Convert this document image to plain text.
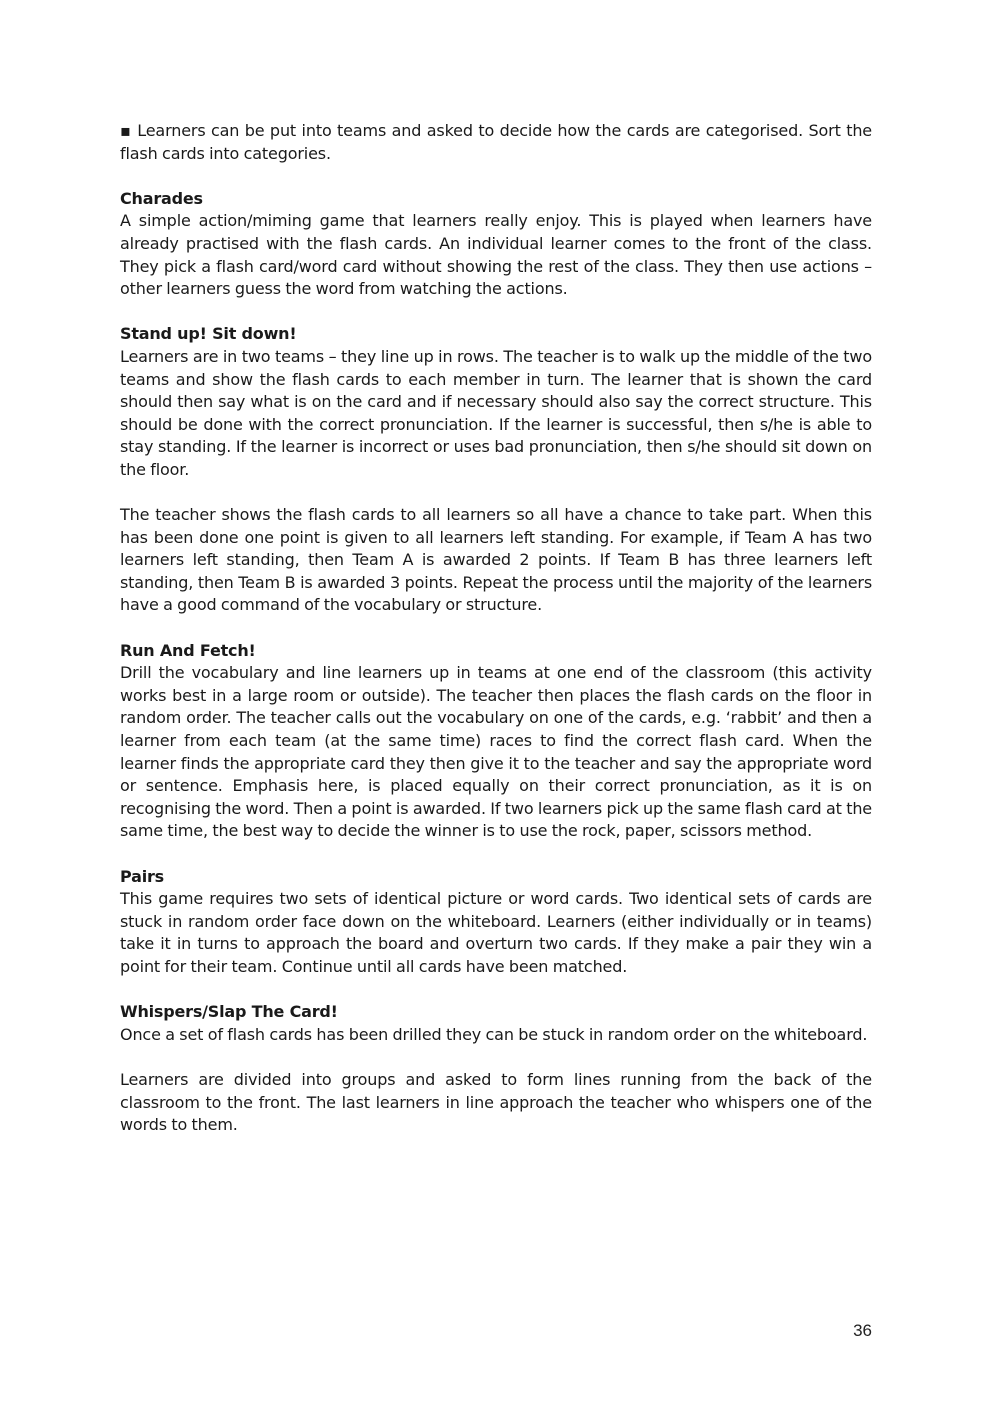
▪ Learners can be put into teams and asked to decide how the cards are categorised. Sort the flash cards into categories.

Charades

A simple action/miming game that learners really enjoy. This is played when learners have already practised with the flash cards. An individual learner comes to the front of the class. They pick a flash card/word card without showing the rest of the class. They then use actions – other learners guess the word from watching the actions.

Stand up! Sit down!

Learners are in two teams – they line up in rows. The teacher is to walk up the middle of the two teams and show the flash cards to each member in turn. The learner that is shown the card should then say what is on the card and if necessary should also say the correct structure. This should be done with the correct pronunciation. If the learner is successful, then s/he is able to stay standing. If the learner is incorrect or uses bad pronunciation, then s/he should sit down on the floor.

The teacher shows the flash cards to all learners so all have a chance to take part. When this has been done one point is given to all learners left standing. For example, if Team A has two learners left standing, then Team A is awarded 2 points. If Team B has three learners left standing, then Team B is awarded 3 points. Repeat the process until the majority of the learners have a good command of the vocabulary or structure.

Run And Fetch!

Drill the vocabulary and line learners up in teams at one end of the classroom (this activity works best in a large room or outside). The teacher then places the flash cards on the floor in random order. The teacher calls out the vocabulary on one of the cards, e.g. ‘rabbit’ and then a learner from each team (at the same time) races to find the correct flash card. When the learner finds the appropriate card they then give it to the teacher and say the appropriate word or sentence. Emphasis here, is placed equally on their correct pronunciation, as it is on recognising the word. Then a point is awarded. If two learners pick up the same flash card at the same time, the best way to decide the winner is to use the rock, paper, scissors method.

Pairs

This game requires two sets of identical picture or word cards. Two identical sets of cards are stuck in random order face down on the whiteboard. Learners (either individually or in teams) take it in turns to approach the board and overturn two cards. If they make a pair they win a point for their team. Continue until all cards have been matched.

Whispers/Slap The Card!

Once a set of flash cards has been drilled they can be stuck in random order on the whiteboard.

Learners are divided into groups and asked to form lines running from the back of the classroom to the front. The last learners in line approach the teacher who whispers one of the words to them.

36
